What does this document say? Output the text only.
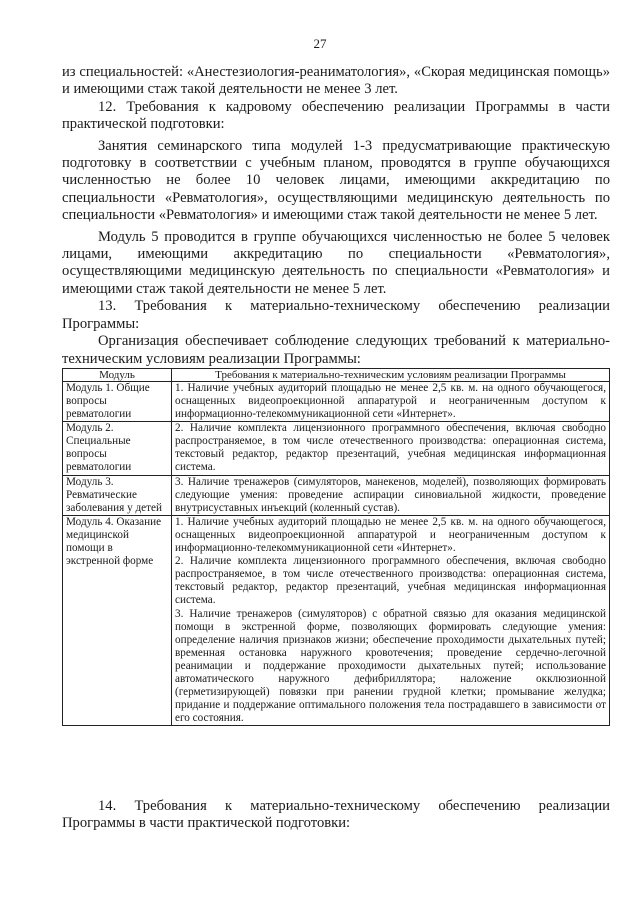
27

из специальностей: «Анестезиология-реаниматология», «Скорая медицинская помощь» и имеющими стаж такой деятельности не менее 3 лет.

12. Требования к кадровому обеспечению реализации Программы в части практической подготовки:

Занятия семинарского типа модулей 1-3 предусматривающие практическую подготовку в соответствии с учебным планом, проводятся в группе обучающихся численностью не более 10 человек лицами, имеющими аккредитацию по специальности «Ревматология», осуществляющими медицинскую деятельность по специальности «Ревматология» и имеющими стаж такой деятельности не менее 5 лет.

Модуль 5 проводится в группе обучающихся численностью не более 5 человек лицами, имеющими аккредитацию по специальности «Ревматология», осуществляющими медицинскую деятельность по специальности «Ревматология» и имеющими стаж такой деятельности не менее 5 лет.

13. Требования к материально-техническому обеспечению реализации Программы:

Организация обеспечивает соблюдение следующих требований к материально-техническим условиям реализации Программы:

Модуль	Требования к материально-техническим условиям реализации Программы
Модуль 1. Общие вопросы ревматологии	1. Наличие учебных аудиторий площадью не менее 2,5 кв. м. на одного обучающегося, оснащенных видеопроекционной аппаратурой и неограниченным доступом к информационно-телекоммуникационной сети «Интернет».

Модуль 2. Специальные вопросы ревматологии	2. Наличие комплекта лицензионного программного обеспечения, включая свободно распространяемое, в том числе отечественного производства: операционная система, текстовый редактор, редактор презентаций, учебная медицинская информационная система.

Модуль 3. Ревматические заболевания у детей	3. Наличие тренажеров (симуляторов, манекенов, моделей), позволяющих формировать следующие умения: проведение аспирации синовиальной жидкости, проведение внутрисуставных инъекций (коленный сустав).

Модуль 4. Оказание медицинской помощи в экстренной форме	1. Наличие учебных аудиторий площадью не менее 2,5 кв. м. на одного обучающегося, оснащенных видеопроекционной аппаратурой и неограниченным доступом к информационно-телекоммуникационной сети «Интернет».
2. Наличие комплекта лицензионного программного обеспечения, включая свободно распространяемое, в том числе отечественного производства: операционная система, текстовый редактор, редактор презентаций, учебная медицинская информационная система.
3. Наличие тренажеров (симуляторов) с обратной связью для оказания медицинской помощи в экстренной форме, позволяющих формировать следующие умения: определение наличия признаков жизни; обеспечение проходимости дыхательных путей; временная остановка наружного кровотечения; проведение сердечно-легочной реанимации и поддержание проходимости дыхательных путей; использование автоматического наружного дефибриллятора; наложение окклюзионной (герметизирующей) повязки при ранении грудной клетки; промывание желудка; придание и поддержание оптимального положения тела пострадавшего в зависимости от его состояния.

14. Требования к материально-техническому обеспечению реализации Программы в части практической подготовки:
